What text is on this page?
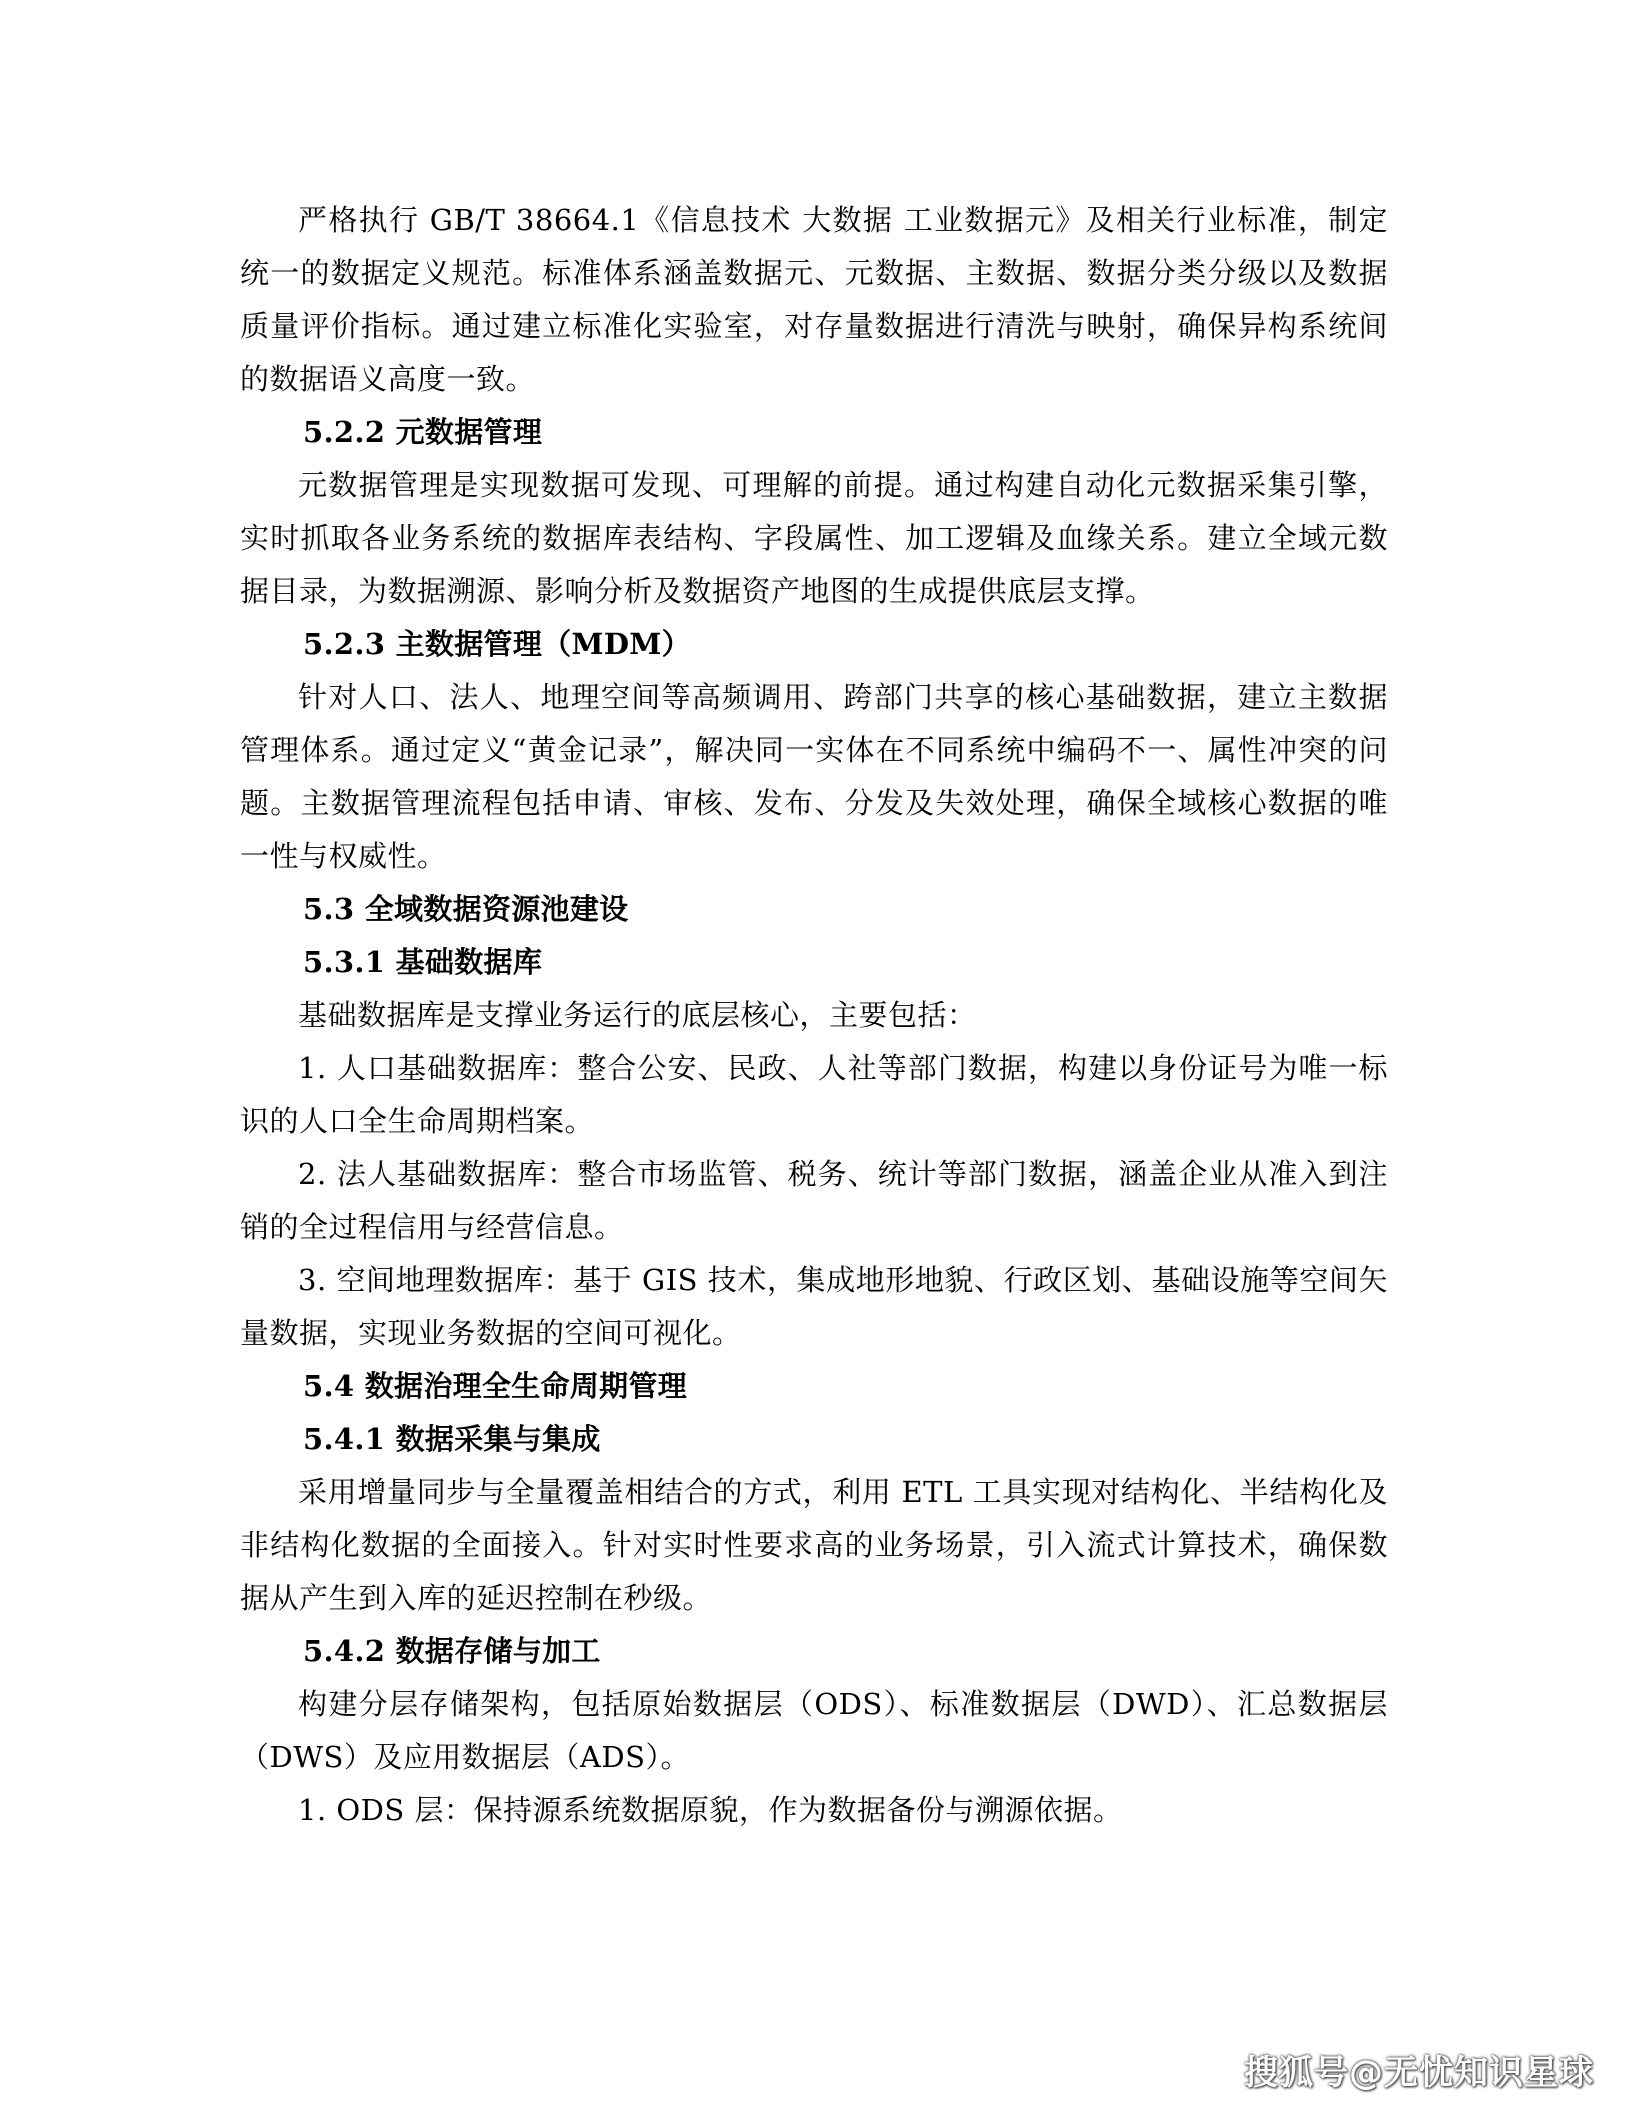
严格执行 GB/T 38664.1《信息技术 大数据 工业数据元》及相关行业标准，制定统一的数据定义规范。标准体系涵盖数据元、元数据、主数据、数据分类分级以及数据质量评价指标。通过建立标准化实验室，对存量数据进行清洗与映射，确保异构系统间的数据语义高度一致。

5.2.2 元数据管理

元数据管理是实现数据可发现、可理解的前提。通过构建自动化元数据采集引擎，实时抓取各业务系统的数据库表结构、字段属性、加工逻辑及血缘关系。建立全域元数据目录，为数据溯源、影响分析及数据资产地图的生成提供底层支撑。

5.2.3 主数据管理（MDM）

针对人口、法人、地理空间等高频调用、跨部门共享的核心基础数据，建立主数据管理体系。通过定义“黄金记录”，解决同一实体在不同系统中编码不一、属性冲突的问题。主数据管理流程包括申请、审核、发布、分发及失效处理，确保全域核心数据的唯一性与权威性。

5.3 全域数据资源池建设

5.3.1 基础数据库

基础数据库是支撑业务运行的底层核心，主要包括：

1. 人口基础数据库：整合公安、民政、人社等部门数据，构建以身份证号为唯一标识的人口全生命周期档案。

2. 法人基础数据库：整合市场监管、税务、统计等部门数据，涵盖企业从准入到注销的全过程信用与经营信息。

3. 空间地理数据库：基于 GIS 技术，集成地形地貌、行政区划、基础设施等空间矢量数据，实现业务数据的空间可视化。

5.4 数据治理全生命周期管理

5.4.1 数据采集与集成

采用增量同步与全量覆盖相结合的方式，利用 ETL 工具实现对结构化、半结构化及非结构化数据的全面接入。针对实时性要求高的业务场景，引入流式计算技术，确保数据从产生到入库的延迟控制在秒级。

5.4.2 数据存储与加工

构建分层存储架构，包括原始数据层（ODS）、标准数据层（DWD）、汇总数据层（DWS）及应用数据层（ADS）。

1. ODS 层：保持源系统数据原貌，作为数据备份与溯源依据。

搜狐号@无忧知识星球
